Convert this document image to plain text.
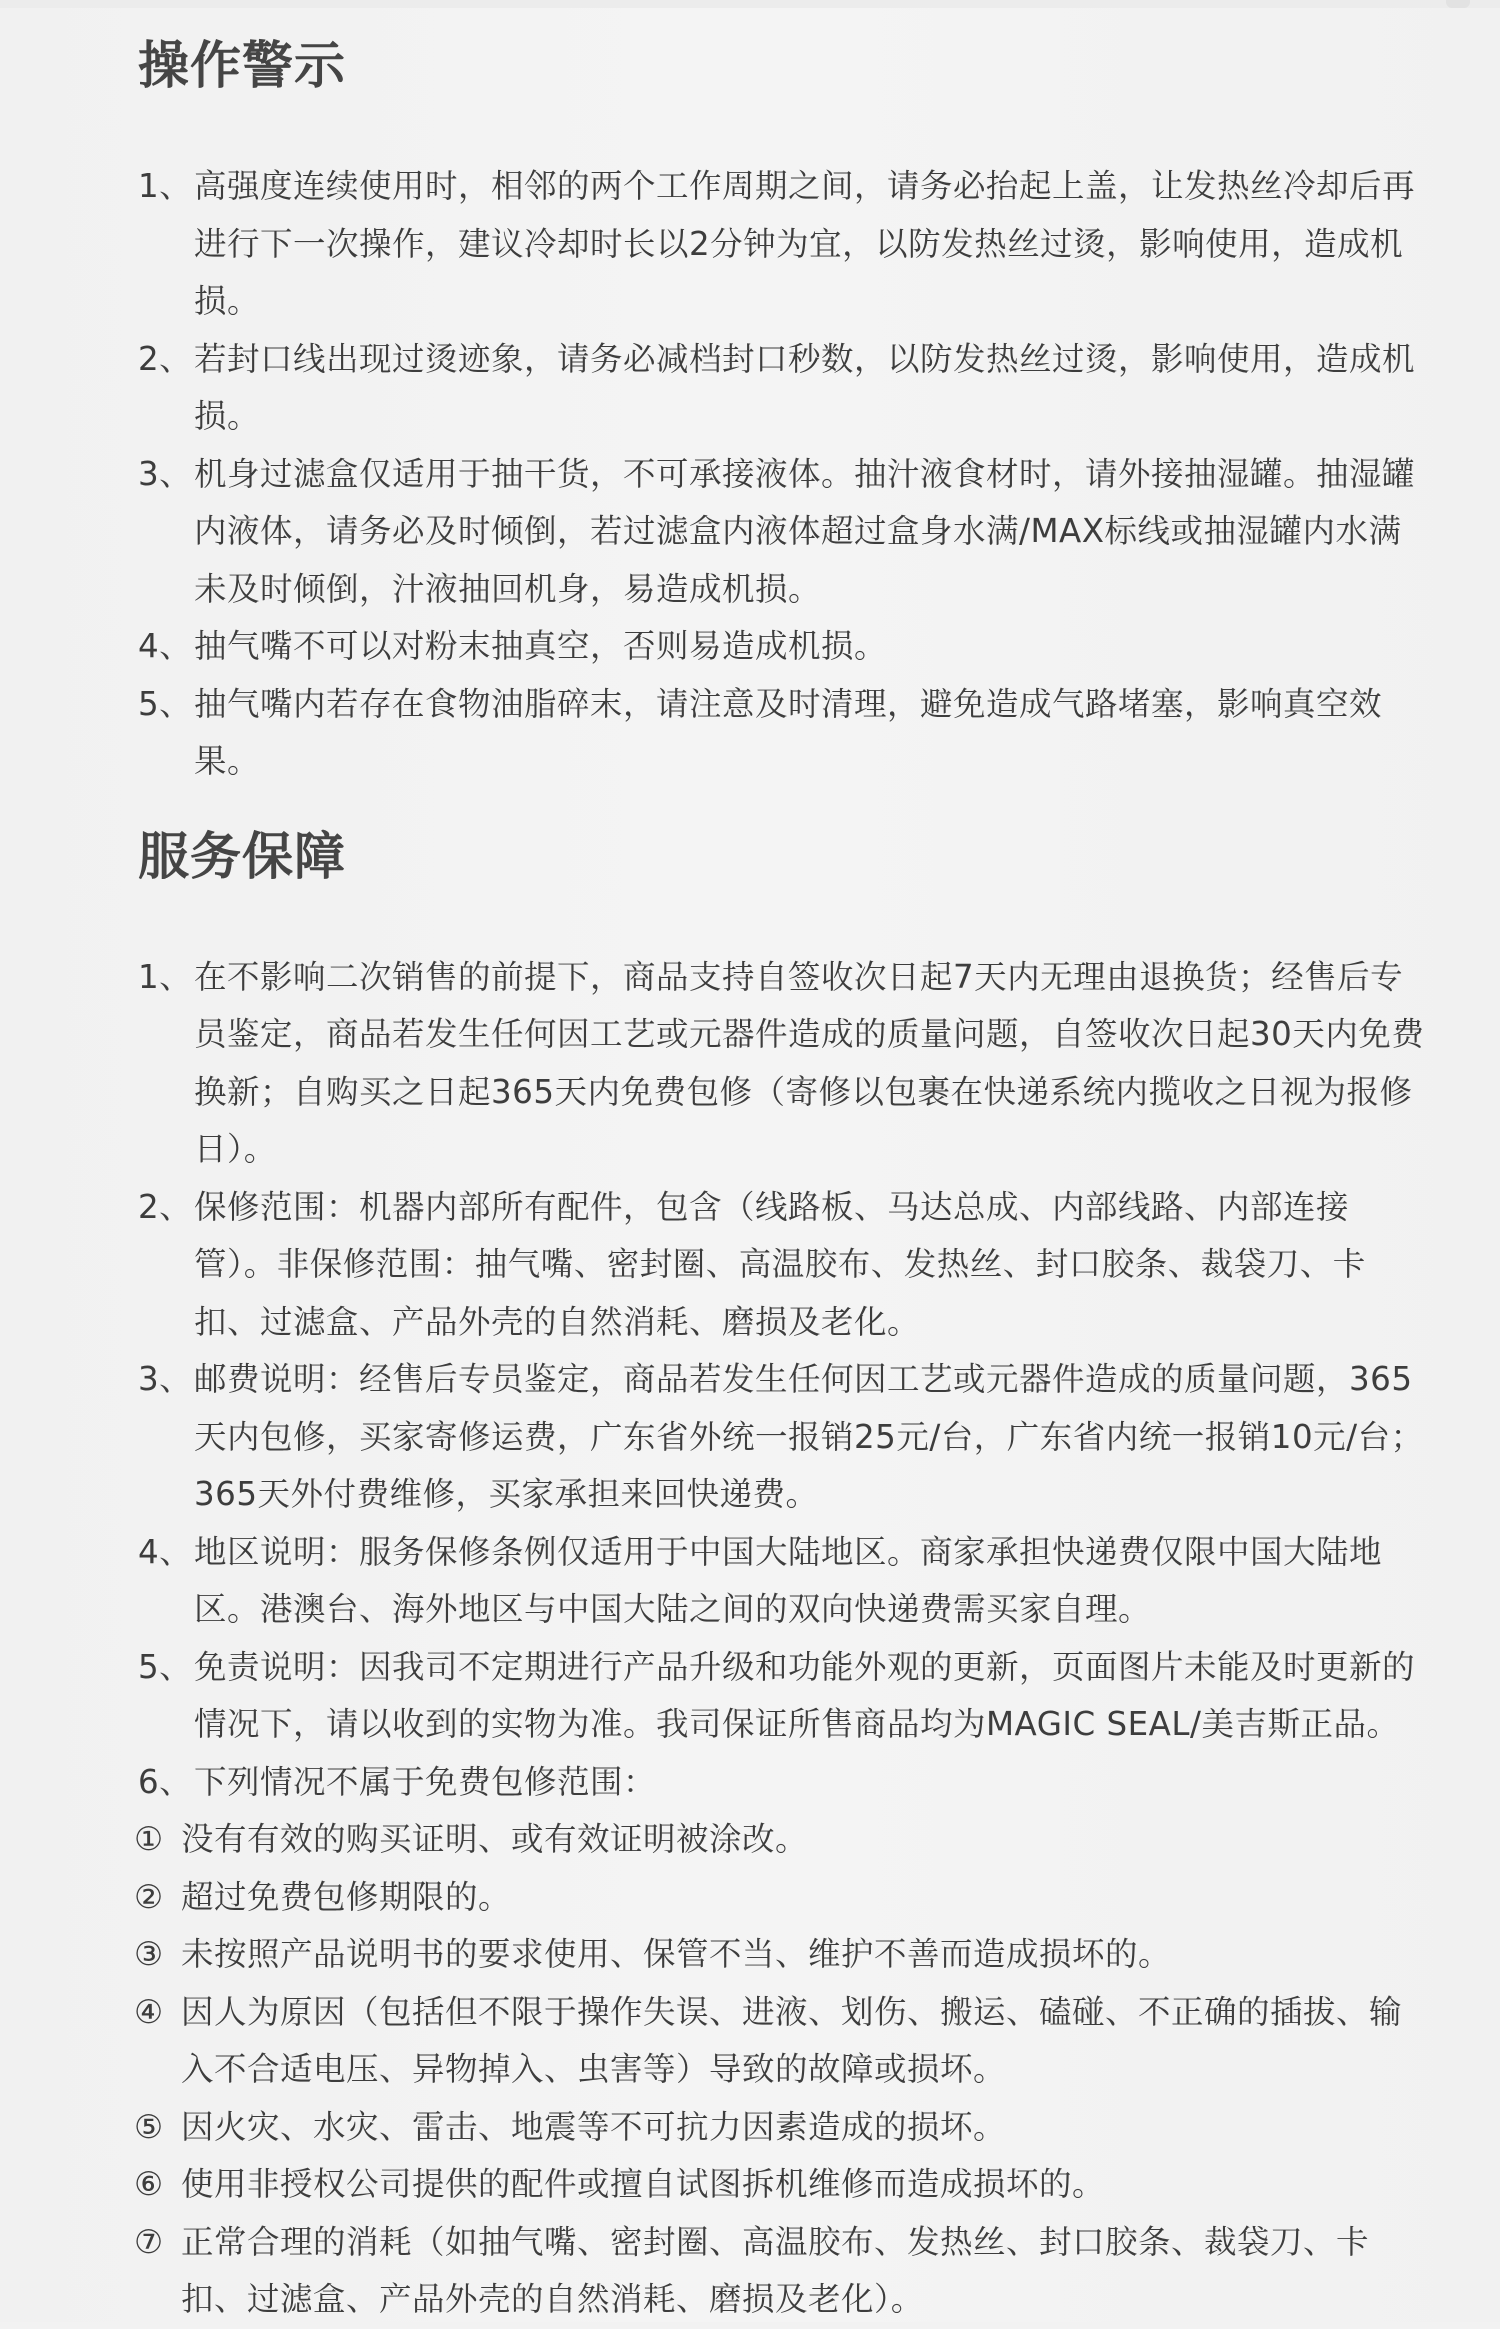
操作警示
1、 高强度连续使用时，相邻的两个工作周期之间，请务必抬起上盖，让发热丝冷却后再进行下一次操作，建议冷却时长以2分钟为宜，以防发热丝过烫，影响使用，造成机损。
2、 若封口线出现过烫迹象，请务必减档封口秒数，以防发热丝过烫，影响使用，造成机损。
3、 机身过滤盒仅适用于抽干货，不可承接液体。抽汁液食材时，请外接抽湿罐。抽湿罐内液体，请务必及时倾倒，若过滤盒内液体超过盒身水满/MAX标线或抽湿罐内水满未及时倾倒，汁液抽回机身，易造成机损。
4、 抽气嘴不可以对粉末抽真空，否则易造成机损。
5、 抽气嘴内若存在食物油脂碎末，请注意及时清理，避免造成气路堵塞，影响真空效果。
服务保障
1、 在不影响二次销售的前提下，商品支持自签收次日起7天内无理由退换货；经售后专员鉴定，商品若发生任何因工艺或元器件造成的质量问题，自签收次日起30天内免费换新；自购买之日起365天内免费包修（寄修以包裹在快递系统内揽收之日视为报修日）。
2、 保修范围：机器内部所有配件，包含（线路板、马达总成、内部线路、内部连接管）。非保修范围：抽气嘴、密封圈、高温胶布、发热丝、封口胶条、裁袋刀、卡扣、过滤盒、产品外壳的自然消耗、磨损及老化。
3、 邮费说明：经售后专员鉴定，商品若发生任何因工艺或元器件造成的质量问题，365天内包修，买家寄修运费，广东省外统一报销25元/台，广东省内统一报销10元/台；365天外付费维修，买家承担来回快递费。
4、 地区说明：服务保修条例仅适用于中国大陆地区。商家承担快递费仅限中国大陆地区。港澳台、海外地区与中国大陆之间的双向快递费需买家自理。
5、 免责说明：因我司不定期进行产品升级和功能外观的更新，页面图片未能及时更新的情况下，请以收到的实物为准。我司保证所售商品均为MAGIC SEAL/美吉斯正品。
6、 下列情况不属于免费包修范围：
① 没有有效的购买证明、或有效证明被涂改。
② 超过免费包修期限的。
③ 未按照产品说明书的要求使用、保管不当、维护不善而造成损坏的。
④ 因人为原因（包括但不限于操作失误、进液、划伤、搬运、磕碰、不正确的插拔、输入不合适电压、异物掉入、虫害等）导致的故障或损坏。
⑤ 因火灾、水灾、雷击、地震等不可抗力因素造成的损坏。
⑥ 使用非授权公司提供的配件或擅自试图拆机维修而造成损坏的。
⑦ 正常合理的消耗（如抽气嘴、密封圈、高温胶布、发热丝、封口胶条、裁袋刀、卡扣、过滤盒、产品外壳的自然消耗、磨损及老化）。
